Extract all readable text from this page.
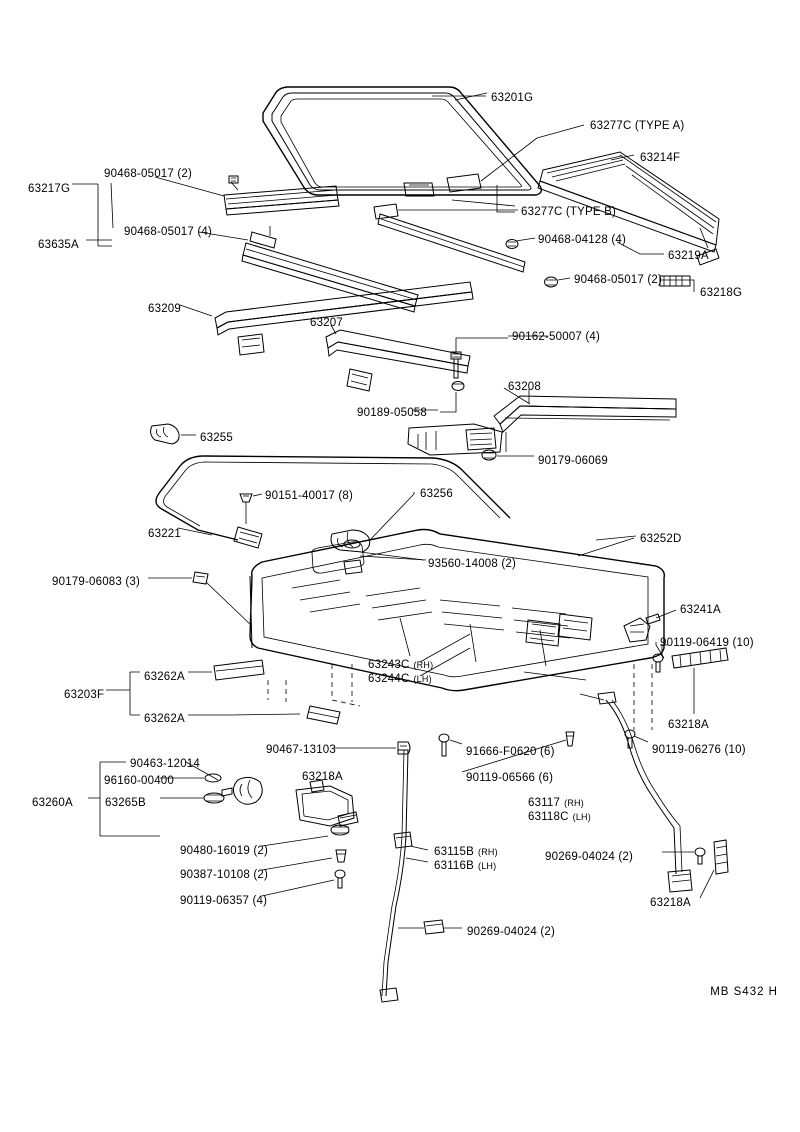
63201G
63277C (TYPE A)
63214F
63217G
90468-05017 (2)
63277C (TYPE B)
90468-05017 (4)
63635A	90468-04128 (4)
63219A
90468-05017 (2)
63218G
63209
63207
90162-50007 (4)
63208
90189-05058
63255
90179-06069
90151-40017 (8)	63256
63221	63252D
93560-14008 (2)
90179-06083 (3)
63241A
90119-06419 (10)
63262A
63203F
63262A	63218A
90467-13103	91666-F0620 (6)	90119-06276 (10)
90119-06566 (6)
90463-12014
96160-00400	63218A
63260A	63265B
90480-16019 (2)
90387-10108 (2)
90119-06357 (4)
90269-04024 (2)
63218A
90269-04024 (2)
63243C (RH)
63244C (LH)
63117 (RH)
63118C (LH)
63115B (RH)
63116B (LH)
MB S432 H
